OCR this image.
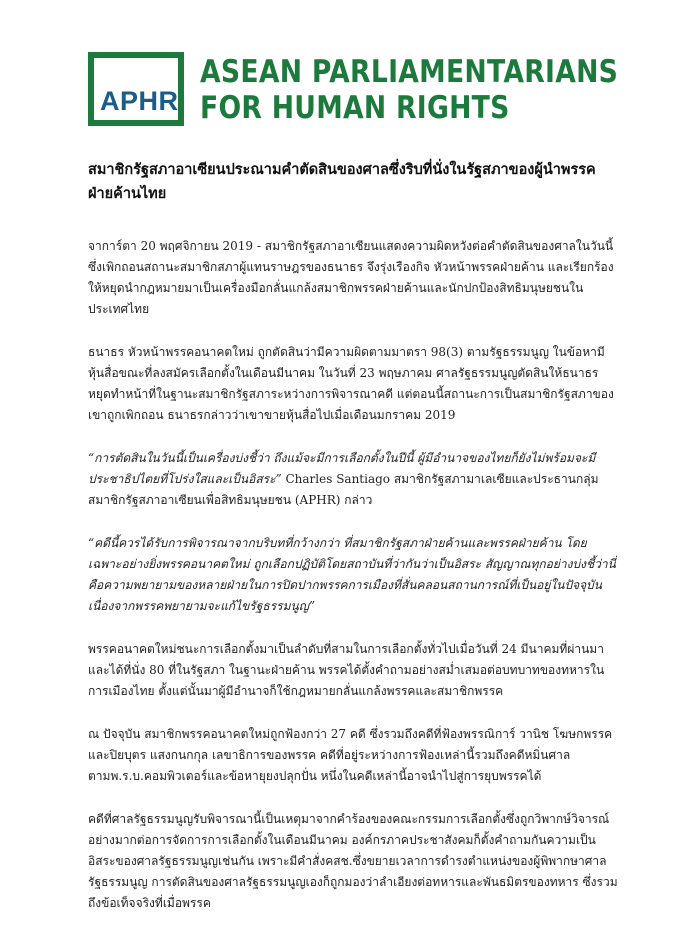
APHR
ASEAN PARLIAMENTARIANS
FOR HUMAN RIGHTS
สมาชิกรัฐสภาอาเซียนประณามคำตัดสินของศาลซึ่งริบที่นั่งในรัฐสภาของผู้นำพรรคฝ่ายค้านไทย

จาการ์ตา 20 พฤศจิกายน 2019 - สมาชิกรัฐสภาอาเซียนแสดงความผิดหวังต่อคำตัดสินของศาลในวันนี้ซึ่งเพิกถอนสถานะสมาชิกสภาผู้แทนราษฎรของธนาธร จึงรุ่งเรืองกิจ หัวหน้าพรรคฝ่ายค้าน และเรียกร้องให้หยุดนำกฎหมายมาเป็นเครื่องมือกลั่นแกล้งสมาชิกพรรคฝ่ายค้านและนักปกป้องสิทธิมนุษยชนในประเทศไทย

ธนาธร หัวหน้าพรรคอนาคตใหม่ ถูกตัดสินว่ามีความผิดตามมาตรา 98(3) ตามรัฐธรรมนูญ ในข้อหามีหุ้นสื่อขณะที่ลงสมัครเลือกตั้งในเดือนมีนาคม ในวันที่ 23 พฤษภาคม ศาลรัฐธรรมนูญตัดสินให้ธนาธรหยุดทำหน้าที่ในฐานะสมาชิกรัฐสภาระหว่างการพิจารณาคดี แต่ตอนนี้สถานะการเป็นสมาชิกรัฐสภาของเขาถูกเพิกถอน ธนาธรกล่าวว่าเขาขายหุ้นสื่อไปเมื่อเดือนมกราคม 2019

“การตัดสินในวันนี้เป็นเครื่องบ่งชี้ว่า ถึงแม้จะมีการเลือกตั้งในปีนี้ ผู้มีอำนาจของไทยก็ยังไม่พร้อมจะมีประชาธิปไตยที่โปร่งใสและเป็นอิสระ” Charles Santiago สมาชิกรัฐสภามาเลเซียและประธานกลุ่มสมาชิกรัฐสภาอาเซียนเพื่อสิทธิมนุษยชน (APHR) กล่าว

“คดีนี้ควรได้รับการพิจารณาจากบริบทที่กว้างกว่า ที่สมาชิกรัฐสภาฝ่ายค้านและพรรคฝ่ายค้าน โดยเฉพาะอย่างยิ่งพรรคอนาคตใหม่ ถูกเลือกปฏิบัติโดยสถาบันที่ว่ากันว่าเป็นอิสระ สัญญาณทุกอย่างบ่งชี้ว่านี่คือความพยายามของหลายฝ่ายในการปิดปากพรรคการเมืองที่สั่นคลอนสถานการณ์ที่เป็นอยู่ในปัจจุบัน เนื่องจากพรรคพยายามจะแก้ไขรัฐธรรมนูญ”

พรรคอนาคตใหม่ชนะการเลือกตั้งมาเป็นลำดับที่สามในการเลือกตั้งทั่วไปเมื่อวันที่ 24 มีนาคมที่ผ่านมา และได้ที่นั่ง 80 ที่ในรัฐสภา ในฐานะฝ่ายค้าน พรรคได้ตั้งคำถามอย่างสม่ำเสมอต่อบทบาทของทหารในการเมืองไทย ตั้งแต่นั้นมาผู้มีอำนาจก็ใช้กฎหมายกลั่นแกล้งพรรคและสมาชิกพรรค

ณ ปัจจุบัน สมาชิกพรรคอนาคตใหม่ถูกฟ้องกว่า 27 คดี ซึ่งรวมถึงคดีที่ฟ้องพรรณิการ์ วานิช โฆษกพรรค และปิยบุตร แสงกนกกุล เลขาธิการของพรรค คดีที่อยู่ระหว่างการฟ้องเหล่านี้รวมถึงคดีหมิ่นศาล ตามพ.ร.บ.คอมพิวเตอร์และข้อหายุยงปลุกปั่น หนึ่งในคดีเหล่านี้อาจนำไปสู่การยุบพรรคได้

คดีที่ศาลรัฐธรรมนูญรับพิจารณานี้เป็นเหตุมาจากคำร้องของคณะกรรมการเลือกตั้งซึ่งถูกวิพากษ์วิจารณ์อย่างมากต่อการจัดการการเลือกตั้งในเดือนมีนาคม องค์กรภาคประชาสังคมก็ตั้งคำถามกันความเป็นอิสระของศาลรัฐธรรมนูญเช่นกัน เพราะมีคำสั่งคสช.ซึ่งขยายเวลาการดำรงตำแหน่งของผู้พิพากษาศาลรัฐธรรมนูญ การตัดสินของศาลรัฐธรรมนูญเองก็ถูกมองว่าลำเอียงต่อทหารและพันธมิตรของทหาร ซึ่งรวมถึงข้อเท็จจริงที่เมื่อพรรค
